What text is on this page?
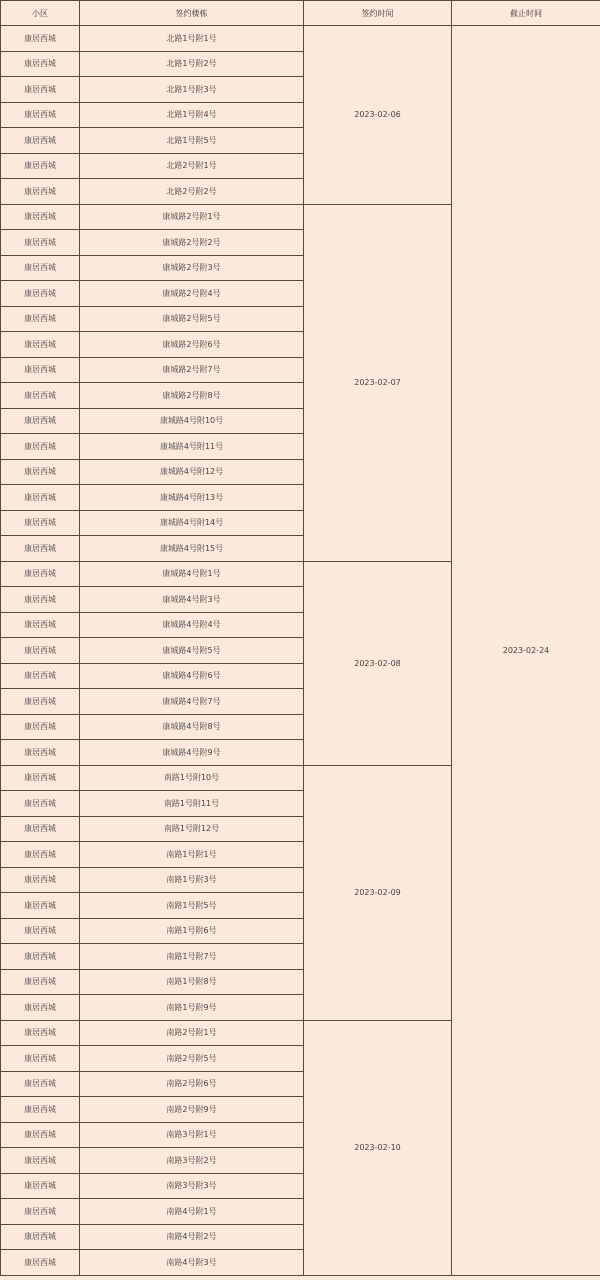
小区	签约楼栋	签约时间	截止时间
康居西城	北路1号附1号	2023-02-06	2023-02-24
康居西城	北路1号附2号		
康居西城	北路1号附3号		
康居西城	北路1号附4号		
康居西城	北路1号附5号		
康居西城	北路2号附1号		
康居西城	北路2号附2号		
康居西城	康城路2号附1号	2023-02-07	
康居西城	康城路2号附2号		
康居西城	康城路2号附3号		
康居西城	康城路2号附4号		
康居西城	康城路2号附5号		
康居西城	康城路2号附6号		
康居西城	康城路2号附7号		
康居西城	康城路2号附8号		
康居西城	康城路4号附10号		
康居西城	康城路4号附11号		
康居西城	康城路4号附12号		
康居西城	康城路4号附13号		
康居西城	康城路4号附14号		
康居西城	康城路4号附15号		
康居西城	康城路4号附1号	2023-02-08	
康居西城	康城路4号附3号		
康居西城	康城路4号附4号		
康居西城	康城路4号附5号		
康居西城	康城路4号附6号		
康居西城	康城路4号附7号		
康居西城	康城路4号附8号		
康居西城	康城路4号附9号		
康居西城	南路1号附10号	2023-02-09	
康居西城	南路1号附11号		
康居西城	南路1号附12号		
康居西城	南路1号附1号		
康居西城	南路1号附3号		
康居西城	南路1号附5号		
康居西城	南路1号附6号		
康居西城	南路1号附7号		
康居西城	南路1号附8号		
康居西城	南路1号附9号		
康居西城	南路2号附1号	2023-02-10	
康居西城	南路2号附5号		
康居西城	南路2号附6号		
康居西城	南路2号附9号		
康居西城	南路3号附1号		
康居西城	南路3号附2号		
康居西城	南路3号附3号		
康居西城	南路4号附1号		
康居西城	南路4号附2号		
康居西城	南路4号附3号		
